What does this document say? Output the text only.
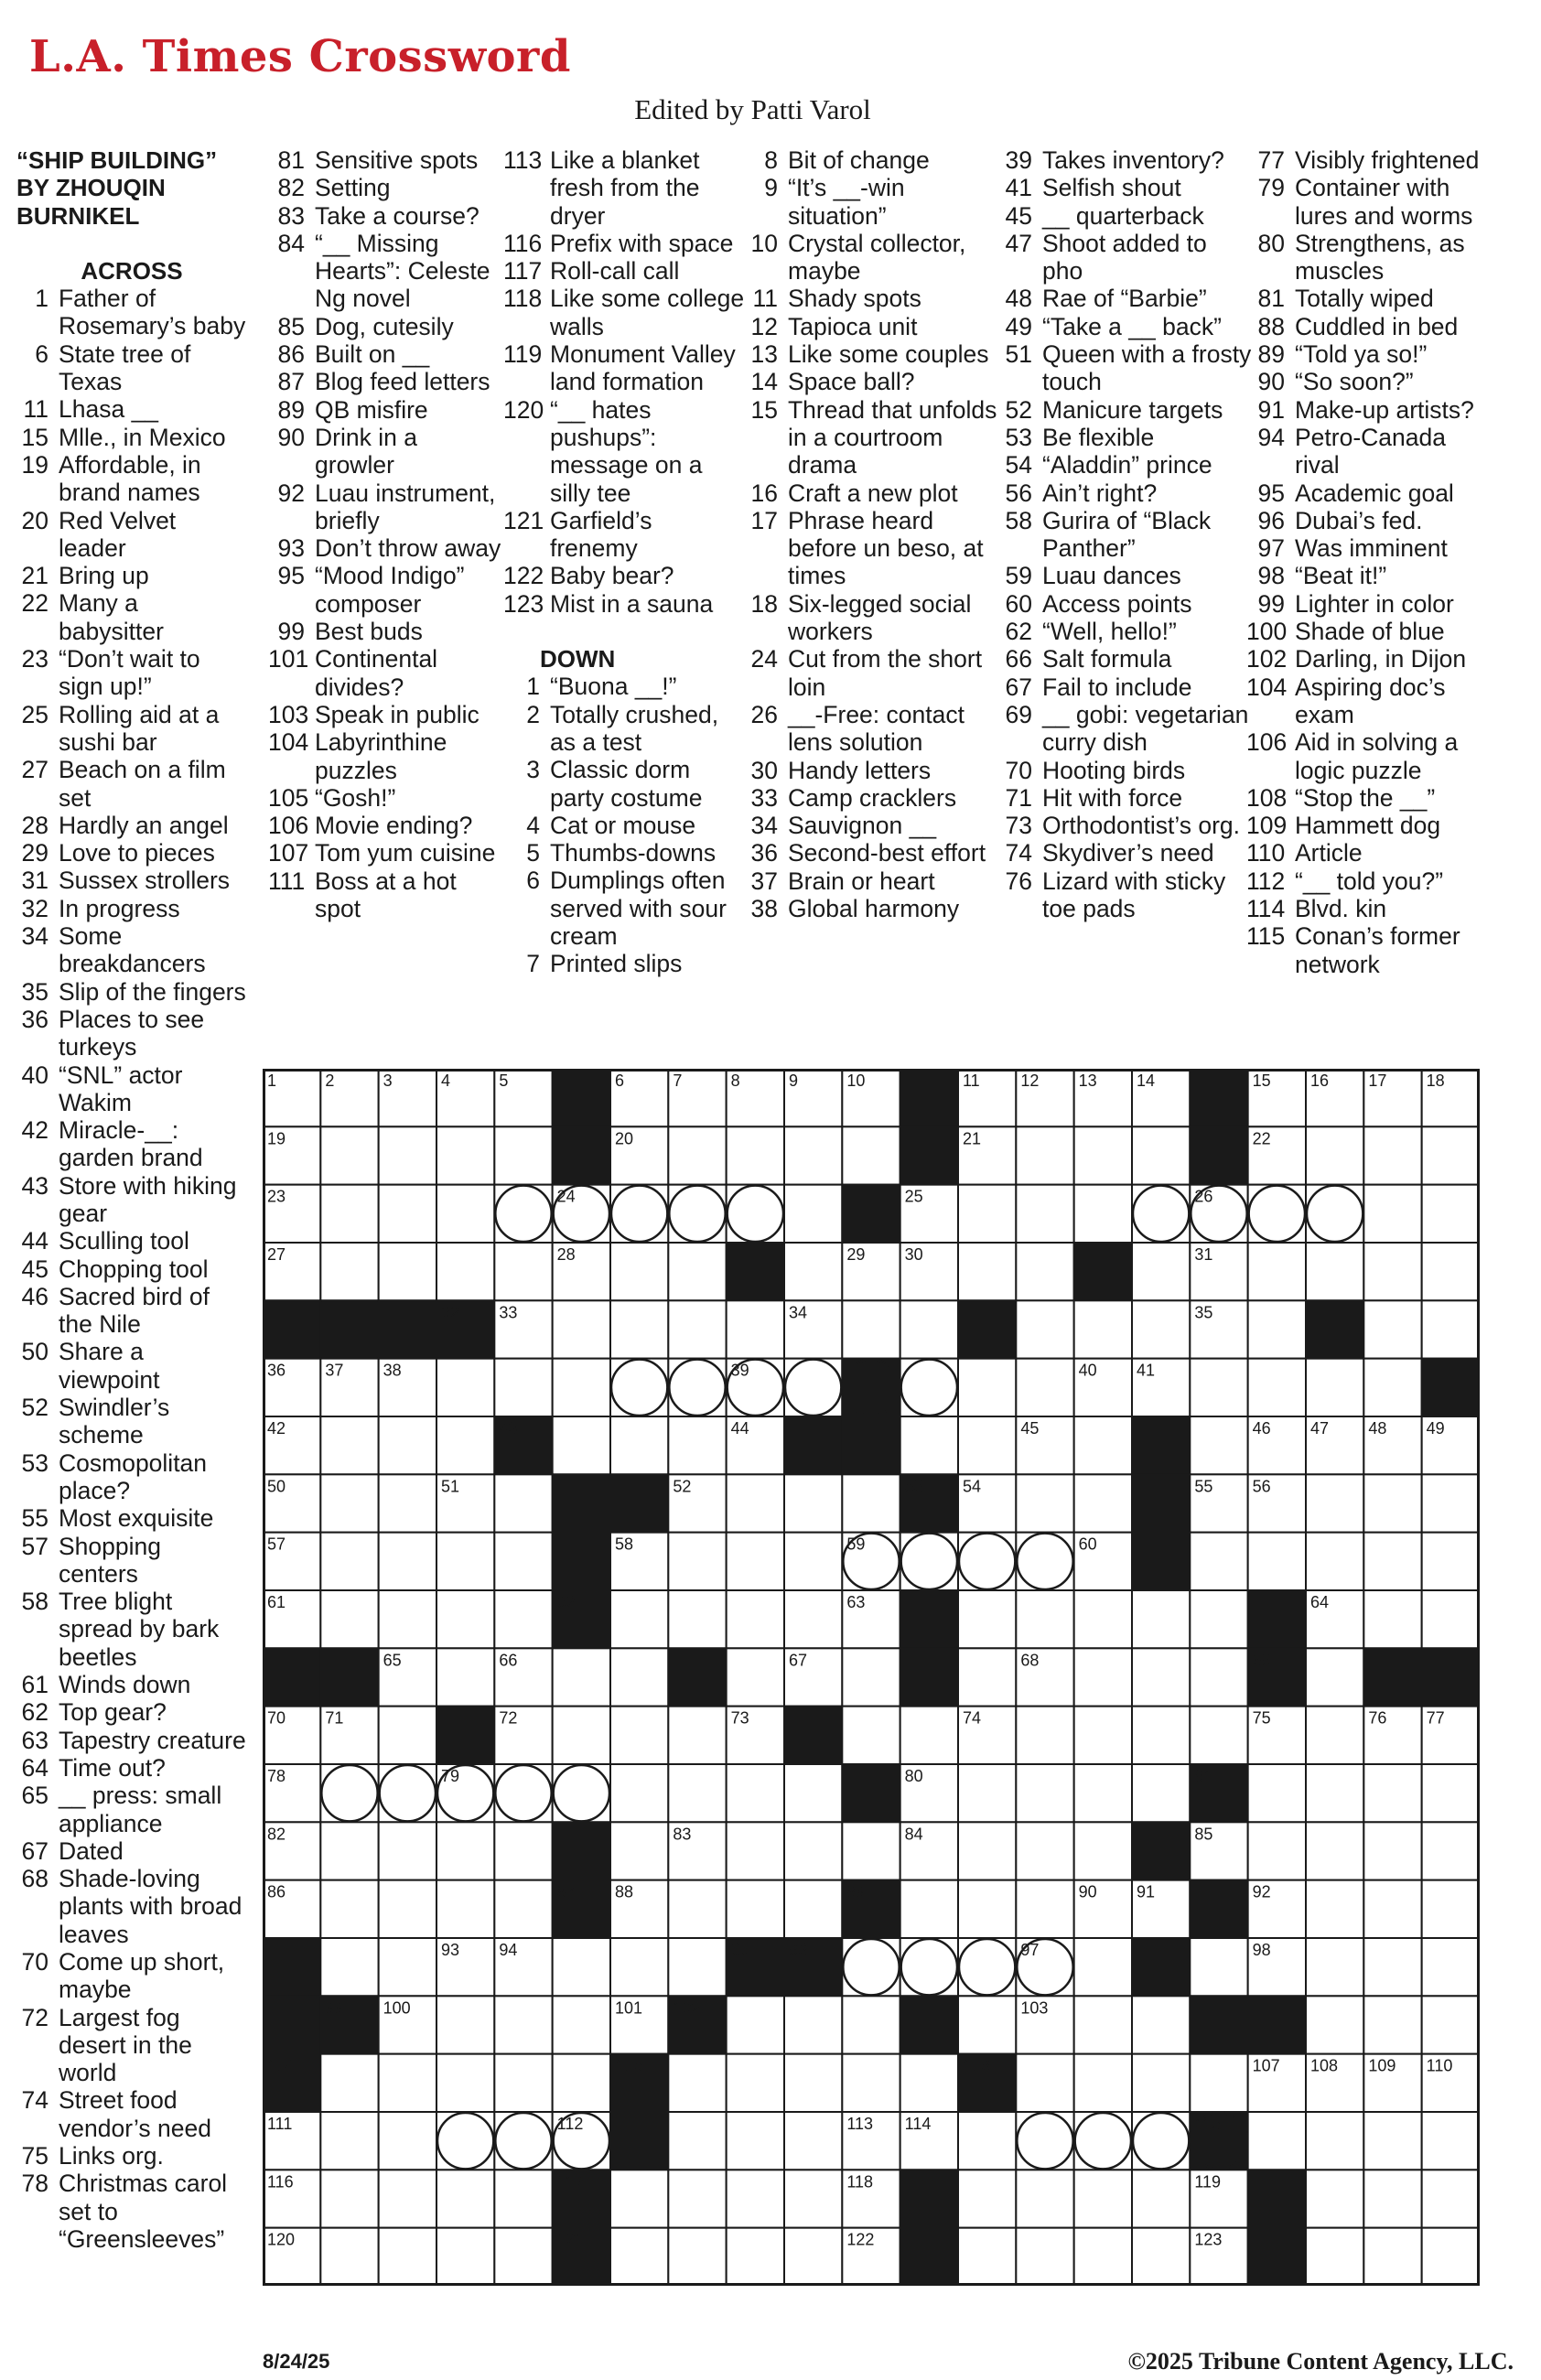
L.A. Times Crossword
Edited by Patti Varol
“SHIP BUILDING”
BY ZHOUQIN BURNIKEL
ACROSS
1 Father of Rosemary’s baby
6 State tree of Texas
11 Lhasa __
15 Mlle., in Mexico
19 Affordable, in brand names
20 Red Velvet leader
21 Bring up
22 Many a babysitter
23 “Don’t wait to sign up!”
25 Rolling aid at a sushi bar
27 Beach on a film set
28 Hardly an angel
29 Love to pieces
31 Sussex strollers
32 In progress
34 Some breakdancers
35 Slip of the fingers
36 Places to see turkeys
40 “SNL” actor Wakim
42 Miracle-__: garden brand
43 Store with hiking gear
44 Sculling tool
45 Chopping tool
46 Sacred bird of the Nile
50 Share a viewpoint
52 Swindler’s scheme
53 Cosmopolitan place?
55 Most exquisite
57 Shopping centers
58 Tree blight spread by bark beetles
61 Winds down
62 Top gear?
63 Tapestry creature
64 Time out?
65 __ press: small appliance
67 Dated
68 Shade-loving plants with broad leaves
70 Come up short, maybe
72 Largest fog desert in the world
74 Street food vendor’s need
75 Links org.
78 Christmas carol set to “Greensleeves”
81 Sensitive spots
82 Setting
83 Take a course?
84 “__ Missing Hearts”: Celeste Ng novel
85 Dog, cutesily
86 Built on __
87 Blog feed letters
89 QB misfire
90 Drink in a growler
92 Luau instrument, briefly
93 Don’t throw away
95 “Mood Indigo” composer
99 Best buds
101 Continental divides?
103 Speak in public
104 Labyrinthine puzzles
105 “Gosh!”
106 Movie ending?
107 Tom yum cuisine
111 Boss at a hot spot
113 Like a blanket fresh from the dryer
116 Prefix with space
117 Roll-call call
118 Like some college walls
119 Monument Valley land formation
120 “__ hates pushups”: message on a silly tee
121 Garfield’s frenemy
122 Baby bear?
123 Mist in a sauna
DOWN
1 “Buona __!”
2 Totally crushed, as a test
3 Classic dorm party costume
4 Cat or mouse
5 Thumbs-downs
6 Dumplings often served with sour cream
7 Printed slips
8 Bit of change
9 “It’s __-win situation”
10 Crystal collector, maybe
11 Shady spots
12 Tapioca unit
13 Like some couples
14 Space ball?
15 Thread that unfolds in a courtroom drama
16 Craft a new plot
17 Phrase heard before un beso, at times
18 Six-legged social workers
24 Cut from the short loin
26 __-Free: contact lens solution
30 Handy letters
33 Camp cracklers
34 Sauvignon __
36 Second-best effort
37 Brain or heart
38 Global harmony
39 Takes inventory?
41 Selfish shout
45 __ quarterback
47 Shoot added to pho
48 Rae of “Barbie”
49 “Take a __ back”
51 Queen with a frosty touch
52 Manicure targets
53 Be flexible
54 “Aladdin” prince
56 Ain’t right?
58 Gurira of “Black Panther”
59 Luau dances
60 Access points
62 “Well, hello!”
66 Salt formula
67 Fail to include
69 __ gobi: vegetarian curry dish
70 Hooting birds
71 Hit with force
73 Orthodontist’s org.
74 Skydiver’s need
76 Lizard with sticky toe pads
77 Visibly frightened
79 Container with lures and worms
80 Strengthens, as muscles
81 Totally wiped
88 Cuddled in bed
89 “Told ya so!”
90 “So soon?”
91 Make-up artists?
94 Petro-Canada rival
95 Academic goal
96 Dubai’s fed.
97 Was imminent
98 “Beat it!”
99 Lighter in color
100 Shade of blue
102 Darling, in Dijon
104 Aspiring doc’s exam
106 Aid in solving a logic puzzle
108 “Stop the __”
109 Hammett dog
110 Article
112 “__ told you?”
114 Blvd. kin
115 Conan’s former network
1	2	3	4	5	6	7	8	9	10	11 12 13 14	15 16 17 18
19	20	21	22
23	24	25	26
27	28	29 30	31
32 33	34	35
36 37 38	39	40 41
42	43	44	45	46 47 48 49
50	51	52	53 54	55 56
57	58	59	60
61	62	63	64
65	66	67	68	69
70 71	72	73	74	75	76 77
78	79	80	81
82	83	84	85
86	87 88	89	90 91	92
93 94	95 96	97	98
99 100	101 102	103
104	105	106	107 108 109 110
111	112	113 114	115
116	117	118	119
120	121	122	123
8/24/25	©2025 Tribune Content Agency, LLC.
